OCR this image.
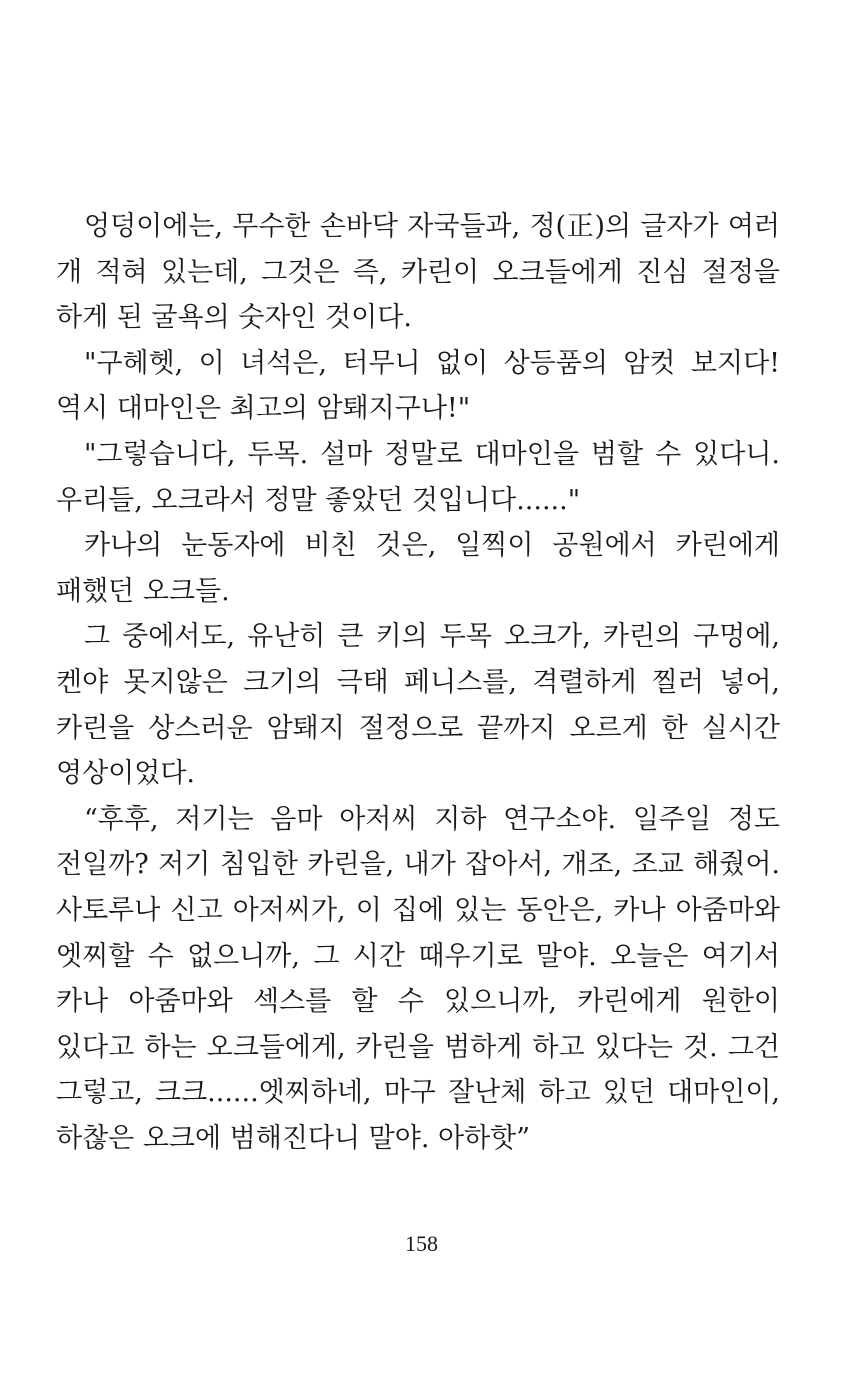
엉덩이에는, 무수한 손바닥 자국들과, 정(正)의 글자가 여러 개 적혀 있는데, 그것은 즉, 카린이 오크들에게 진심 절정을 하게 된 굴욕의 숫자인 것이다.

"구헤헷, 이 녀석은, 터무니 없이 상등품의 암컷 보지다! 역시 대마인은 최고의 암퇘지구나!"

"그렇습니다, 두목. 설마 정말로 대마인을 범할 수 있다니. 우리들, 오크라서 정말 좋았던 것입니다......"

카나의 눈동자에 비친 것은, 일찍이 공원에서 카린에게 패했던 오크들.

그 중에서도, 유난히 큰 키의 두목 오크가, 카린의 구멍에, 켄야 못지않은 크기의 극태 페니스를, 격렬하게 찔러 넣어, 카린을 상스러운 암퇘지 절정으로 끝까지 오르게 한 실시간 영상이었다.

“후후, 저기는 음마 아저씨 지하 연구소야. 일주일 정도 전일까? 저기 침입한 카린을, 내가 잡아서, 개조, 조교 해줬어. 사토루나 신고 아저씨가, 이 집에 있는 동안은, 카나 아줌마와 엣찌할 수 없으니까, 그 시간 때우기로 말야. 오늘은 여기서 카나 아줌마와 섹스를 할 수 있으니까, 카린에게 원한이 있다고 하는 오크들에게, 카린을 범하게 하고 있다는 것. 그건 그렇고, 크크......엣찌하네, 마구 잘난체 하고 있던 대마인이, 하찮은 오크에 범해진다니 말야. 아하핫”

158
